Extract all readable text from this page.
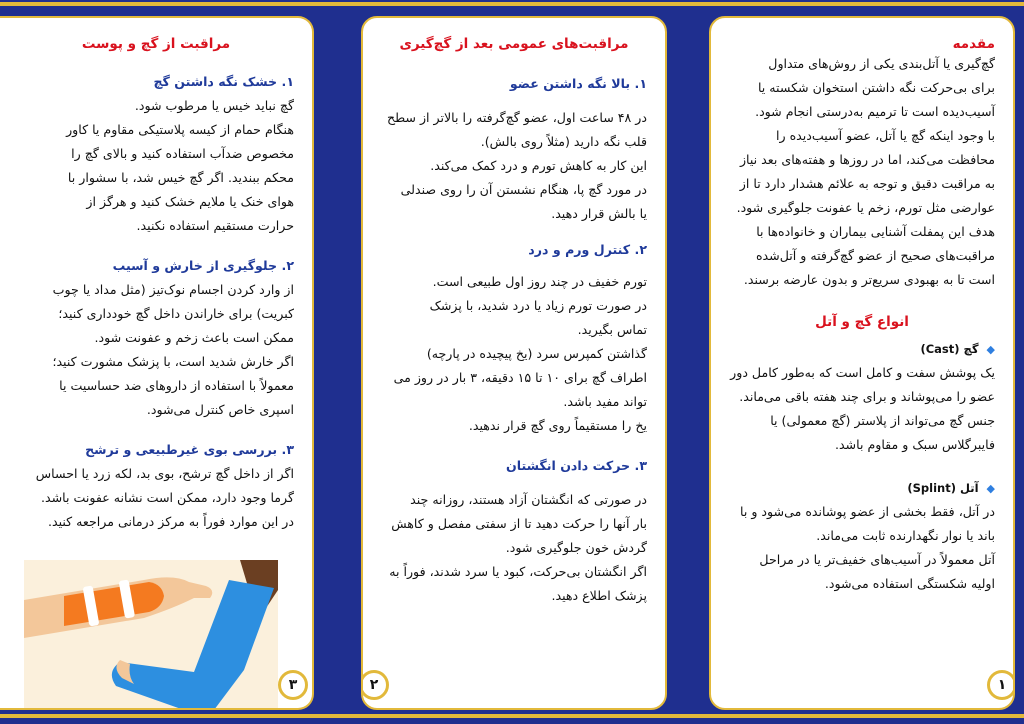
مقدمه

گچ‌گیری یا آتل‌بندی یکی از روش‌های متداول

برای بی‌حرکت نگه داشتن استخوان شکسته یا

آسیب‌دیده است تا ترمیم به‌درستی انجام شود.

با وجود اینکه گچ یا آتل، عضو آسیب‌دیده را

محافظت می‌کند، اما در روزها و هفته‌های بعد نیاز

به مراقبت دقیق و توجه به علائم هشدار دارد تا از

عوارضی مثل تورم، زخم یا عفونت جلوگیری شود.

هدف این پمفلت آشنایی بیماران و خانواده‌ها با

مراقبت‌های صحیح از عضو گچ‌گرفته و آتل‌شده

است تا به بهبودی سریع‌تر و بدون عارضه برسند.

انواع گچ و آتل
◆گچ (Cast)

یک پوشش سفت و کامل است که به‌طور کامل دور

عضو را می‌پوشاند و برای چند هفته باقی می‌ماند.

جنس گچ می‌تواند از پلاستر (گچ معمولی) یا

فایبرگلاس سبک و مقاوم باشد.

◆آتل (Splint)

در آتل، فقط بخشی از عضو پوشانده می‌شود و با

باند یا نوار نگهدارنده ثابت می‌ماند.

آتل معمولاً در آسیب‌های خفیف‌تر یا در مراحل

اولیه شکستگی استفاده می‌شود.

۱
مراقبت‌های عمومی بعد از گچ‌گیری
۱. بالا نگه داشتن عضو

در ۴۸ ساعت اول، عضو گچ‌گرفته را بالاتر از سطح

قلب نگه دارید (مثلاً روی بالش).

این کار به کاهش تورم و درد کمک می‌کند.

در مورد گچ پا، هنگام نشستن آن را روی صندلی

یا بالش قرار دهید.

۲. کنترل ورم و درد

تورم خفیف در چند روز اول طبیعی است.

در صورت تورم زیاد یا درد شدید، با پزشک

تماس بگیرید.

گذاشتن کمپرس سرد (یخ پیچیده در پارچه)

اطراف گچ برای ۱۰ تا ۱۵ دقیقه، ۳ بار در روز می

تواند مفید باشد.

یخ را مستقیماً روی گچ قرار ندهید.

۳. حرکت دادن انگشتان

در صورتی که انگشتان آزاد هستند، روزانه چند

بار آنها را حرکت دهید تا از سفتی مفصل و کاهش

گردش خون جلوگیری شود.

اگر انگشتان بی‌حرکت، کبود یا سرد شدند، فوراً به

پزشک اطلاع دهید.

۲
مراقبت از گچ و پوست
۱. خشک نگه داشتن گچ

گچ نباید خیس یا مرطوب شود.

هنگام حمام از کیسه پلاستیکی مقاوم یا کاور

مخصوص ضدآب استفاده کنید و بالای گچ را

محکم ببندید. اگر گچ خیس شد، با سشوار با

هوای خنک یا ملایم خشک کنید و هرگز از

حرارت مستقیم استفاده نکنید.

۲. جلوگیری از خارش و آسیب

از وارد کردن اجسام نوک‌تیز (مثل مداد یا چوب

کبریت) برای خاراندن داخل گچ خودداری کنید؛

ممکن است باعث زخم و عفونت شود.

اگر خارش شدید است، با پزشک مشورت کنید؛

معمولاً با استفاده از داروهای ضد حساسیت یا

اسپری خاص کنترل می‌شود.

۳. بررسی بوی غیرطبیعی و ترشح

اگر از داخل گچ ترشح، بوی بد، لکه زرد یا احساس

گرما وجود دارد، ممکن است نشانه عفونت باشد.

در این موارد فوراً به مرکز درمانی مراجعه کنید.

۳
